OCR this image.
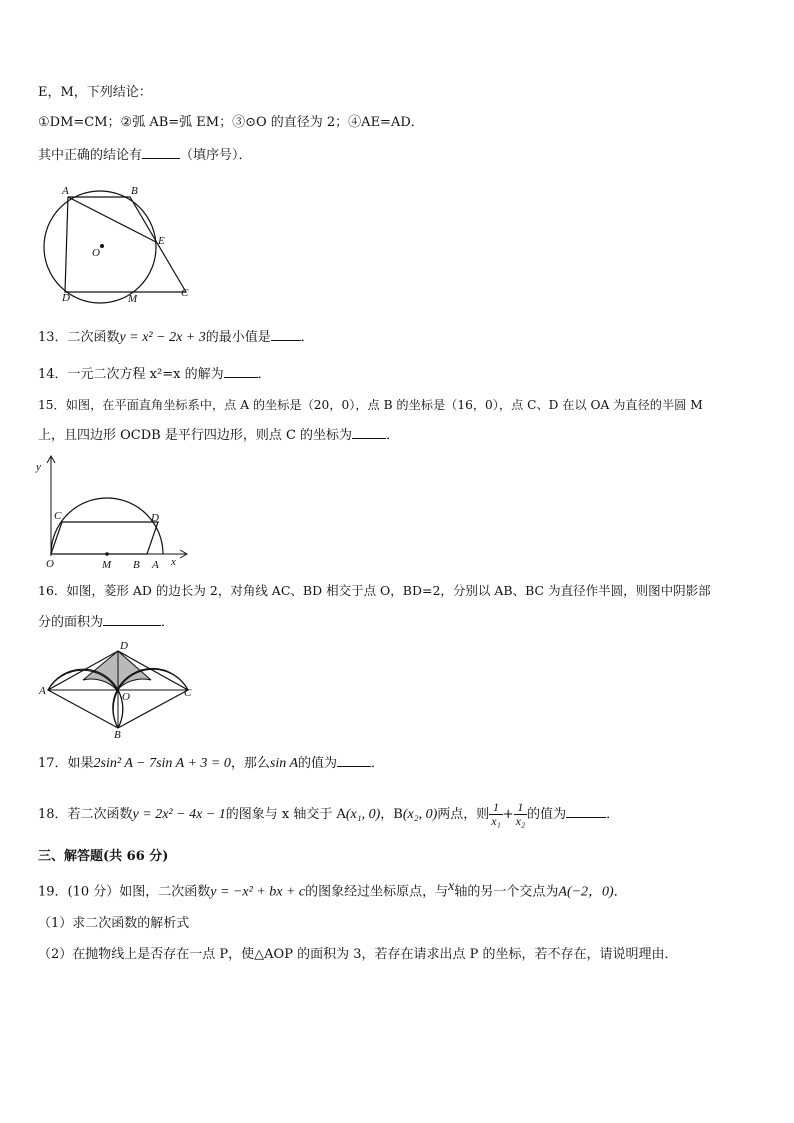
E，M，下列结论：
①DM=CM；②弧 AB=弧 EM；③⊙O 的直径为 2；④AE=AD．
其中正确的结论有	（填序号）．
A	B
E
O
D	M	C
13．二次函数y = x² − 2x + 3的最小值是 ．
14．一元二次方程 x²=x 的解为	．
15．如图，在平面直角坐标系中，点 A 的坐标是（20，0），点 B 的坐标是（16，0），点 C、D 在以 OA 为直径的半圆 M
上，且四边形 OCDB 是平行四边形，则点 C 的坐标为	．
y
C	D
O	M B A x
16．如图，菱形 AD 的边长为 2，对角线 AC、BD 相交于点 O，BD=2，分别以 AB、BC 为直径作半圆，则图中阴影部
分的面积为	．
D
A	O	C
B
17．如果2sin² A − 7sin A + 3 = 0，那么sin A的值为	．
18．若二次函数y = 2x² − 4x − 1的图象与 x 轴交于 A(x₁, 0)，B(x₂, 0)两点，则 $\frac{1}{\text{x₁}} + \frac{1}{\text{x₂}}$ 的值为	．
三、解答题(共 66 分)
19．(10 分）如图，二次函数y = −x² + bx + c的图象经过坐标原点，与$^x$轴的另一个交点为A(−2，0)．
（1）求二次函数的解析式
（2）在抛物线上是否存在一点 P，使△AOP 的面积为 3，若存在请求出点 P 的坐标，若不存在，请说明理由．
